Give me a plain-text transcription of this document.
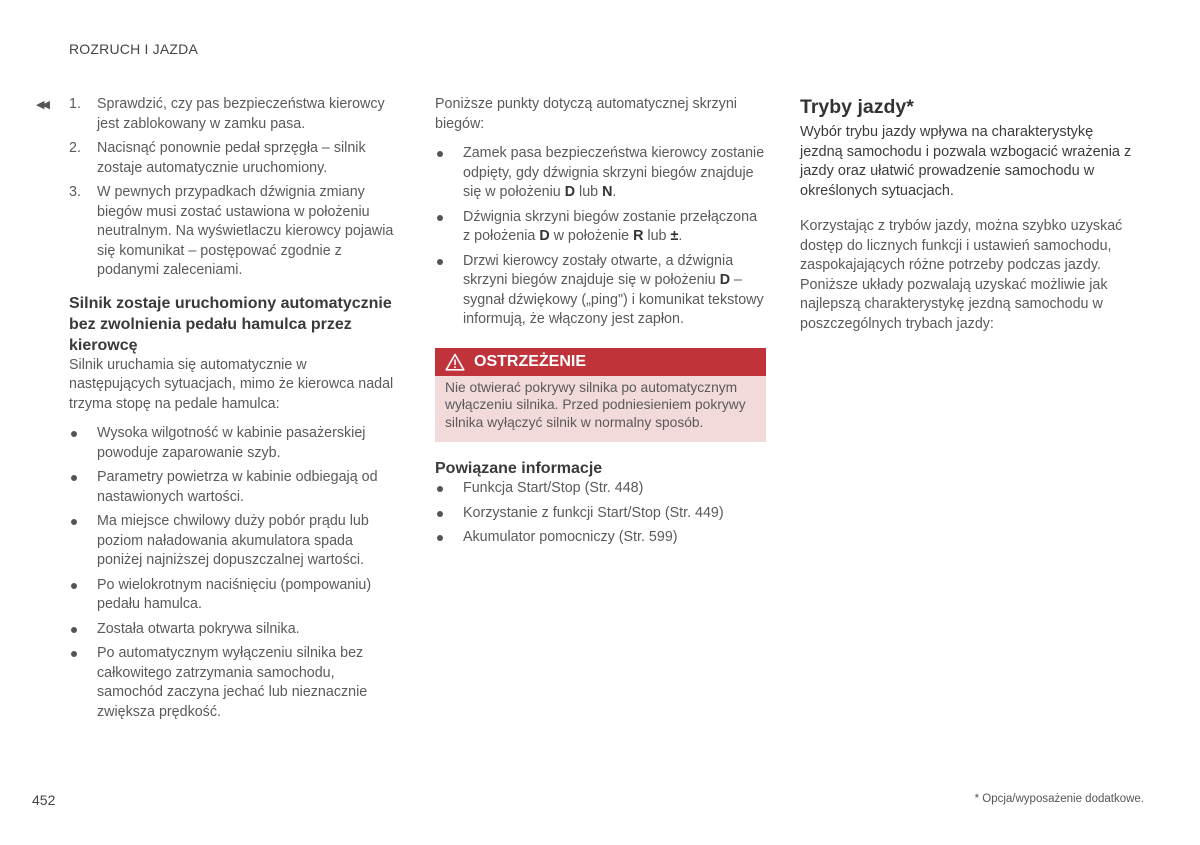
ROZRUCH I JAZDA
◀◀ 1. Sprawdzić, czy pas bezpieczeństwa kierowcy jest zablokowany w zamku pasa.
2. Nacisnąć ponownie pedał sprzęgła – silnik zostaje automatycznie uruchomiony.
3. W pewnych przypadkach dźwignia zmiany biegów musi zostać ustawiona w położeniu neutralnym. Na wyświetlaczu kierowcy pojawia się komunikat – postępować zgodnie z podanymi zaleceniami.
Silnik zostaje uruchomiony automatycznie bez zwolnienia pedału hamulca przez kierowcę

Silnik uruchamia się automatycznie w następujących sytuacjach, mimo że kierowca nadal trzyma stopę na pedale hamulca:

Wysoka wilgotność w kabinie pasażerskiej powoduje zaparowanie szyb.
Parametry powietrza w kabinie odbiegają od nastawionych wartości.
Ma miejsce chwilowy duży pobór prądu lub poziom naładowania akumulatora spada poniżej najniższej dopuszczalnej wartości.
Po wielokrotnym naciśnięciu (pompowaniu) pedału hamulca.
Została otwarta pokrywa silnika.
Po automatycznym wyłączeniu silnika bez całkowitego zatrzymania samochodu, samochód zaczyna jechać lub nieznacznie zwiększa prędkość.

Poniższe punkty dotyczą automatycznej skrzyni biegów:

Zamek pasa bezpieczeństwa kierowcy zostanie odpięty, gdy dźwignia skrzyni biegów znajduje się w położeniu D lub N.
Dźwignia skrzyni biegów zostanie przełączona z położenia D w położenie R lub ±.
Drzwi kierowcy zostały otwarte, a dźwignia skrzyni biegów znajduje się w położeniu D – sygnał dźwiękowy („ping") i komunikat tekstowy informują, że włączony jest zapłon.
OSTRZEŻENIE
Nie otwierać pokrywy silnika po automatycznym wyłączeniu silnika. Przed podniesieniem pokrywy silnika wyłączyć silnik w normalny sposób.
Powiązane informacje
Funkcja Start/Stop (Str. 448)
Korzystanie z funkcji Start/Stop (Str. 449)
Akumulator pomocniczy (Str. 599)
Tryby jazdy*

Wybór trybu jazdy wpływa na charakterystykę jezdną samochodu i pozwala wzbogacić wrażenia z jazdy oraz ułatwić prowadzenie samochodu w określonych sytuacjach.

Korzystając z trybów jazdy, można szybko uzyskać dostęp do licznych funkcji i ustawień samochodu, zaspokajających różne potrzeby podczas jazdy. Poniższe układy pozwalają uzyskać możliwie jak najlepszą charakterystykę jezdną samochodu w poszczególnych trybach jazdy:

452	* Opcja/wyposażenie dodatkowe.
